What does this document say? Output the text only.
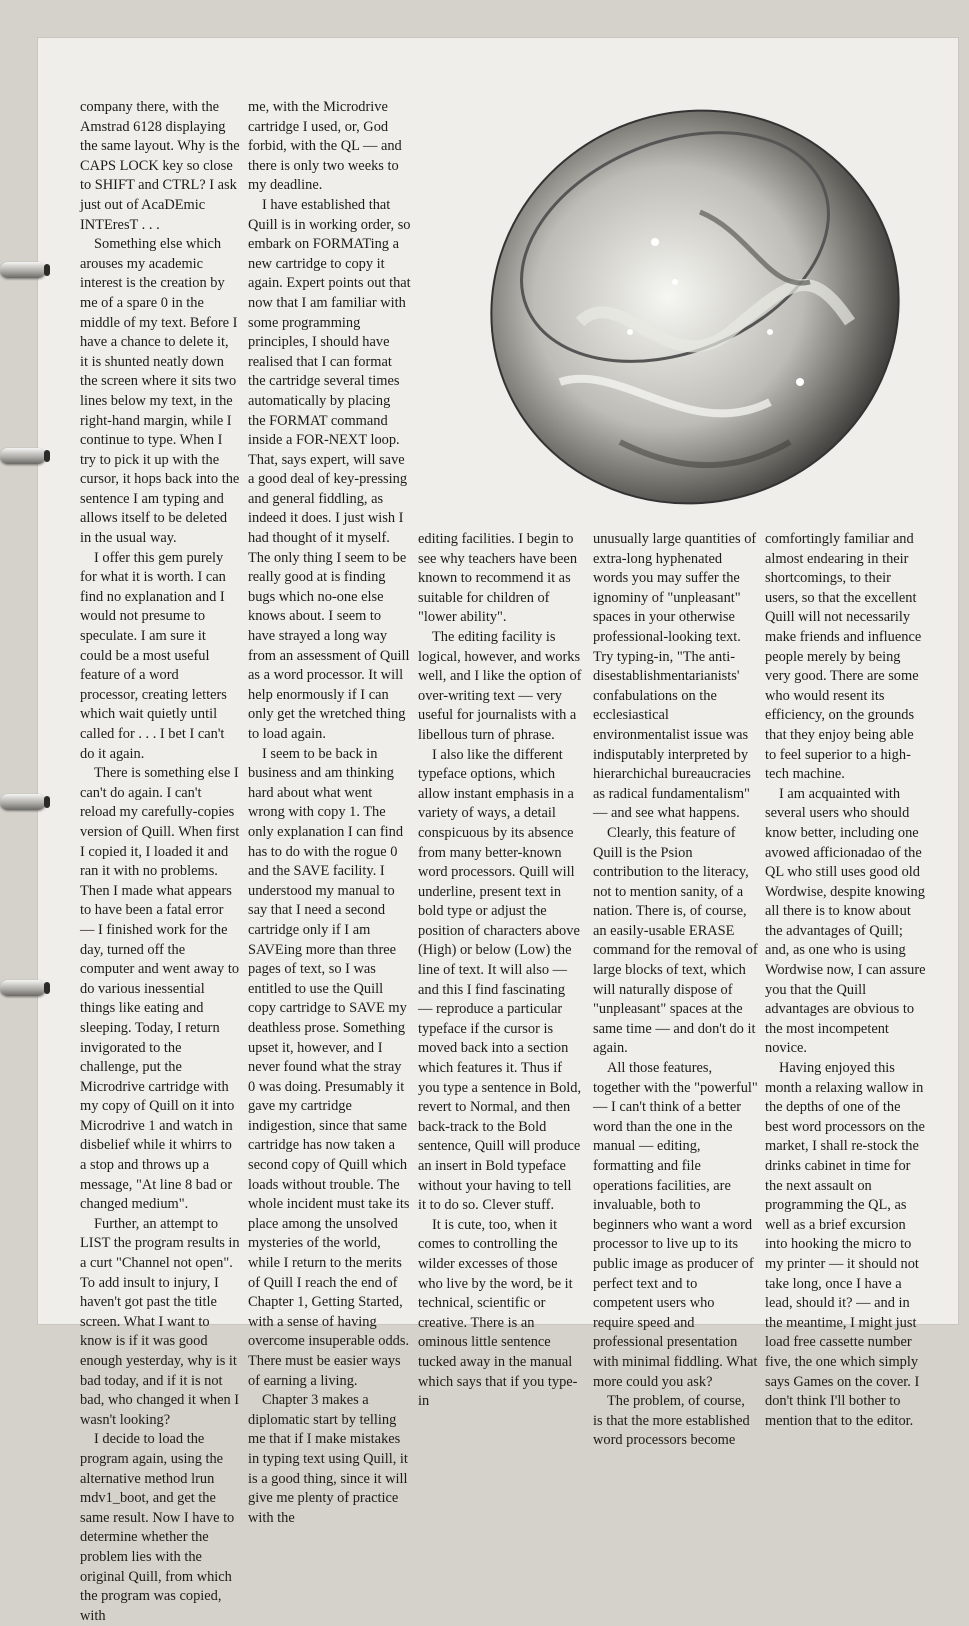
company there, with the Amstrad 6128 displaying the same layout. Why is the CAPS LOCK key so close to SHIFT and CTRL? I ask just out of AcaDEmic INTEresT . . .

Something else which arouses my academic interest is the creation by me of a spare 0 in the middle of my text. Before I have a chance to delete it, it is shunted neatly down the screen where it sits two lines below my text, in the right-hand margin, while I continue to type. When I try to pick it up with the cursor, it hops back into the sentence I am typing and allows itself to be deleted in the usual way.

I offer this gem purely for what it is worth. I can find no explanation and I would not presume to speculate. I am sure it could be a most useful feature of a word processor, creating letters which wait quietly until called for . . . I bet I can't do it again.

There is something else I can't do again. I can't reload my carefully-copies version of Quill. When first I copied it, I loaded it and ran it with no problems. Then I made what appears to have been a fatal error — I finished work for the day, turned off the computer and went away to do various inessential things like eating and sleeping. Today, I return invigorated to the challenge, put the Microdrive cartridge with my copy of Quill on it into Microdrive 1 and watch in disbelief while it whirrs to a stop and throws up a message, "At line 8 bad or changed medium".

Further, an attempt to LIST the program results in a curt "Channel not open". To add insult to injury, I haven't got past the title screen. What I want to know is if it was good enough yesterday, why is it bad today, and if it is not bad, who changed it when I wasn't looking?

I decide to load the program again, using the alternative method lrun mdv1_boot, and get the same result. Now I have to determine whether the problem lies with the original Quill, from which the program was copied, with

me, with the Microdrive cartridge I used, or, God forbid, with the QL — and there is only two weeks to my deadline.

I have established that Quill is in working order, so embark on FORMATing a new cartridge to copy it again. Expert points out that now that I am familiar with some programming principles, I should have realised that I can format the cartridge several times automatically by placing the FORMAT command inside a FOR-NEXT loop. That, says expert, will save a good deal of key-pressing and general fiddling, as indeed it does. I just wish I had thought of it myself. The only thing I seem to be really good at is finding bugs which no-one else knows about. I seem to have strayed a long way from an assessment of Quill as a word processor. It will help enormously if I can only get the wretched thing to load again.

I seem to be back in business and am thinking hard about what went wrong with copy 1. The only explanation I can find has to do with the rogue 0 and the SAVE facility. I understood my manual to say that I need a second cartridge only if I am SAVEing more than three pages of text, so I was entitled to use the Quill copy cartridge to SAVE my deathless prose. Something upset it, however, and I never found what the stray 0 was doing. Presumably it gave my cartridge indigestion, since that same cartridge has now taken a second copy of Quill which loads without trouble. The whole incident must take its place among the unsolved mysteries of the world, while I return to the merits of Quill I reach the end of Chapter 1, Getting Started, with a sense of having overcome insuperable odds. There must be easier ways of earning a living.

Chapter 3 makes a diplomatic start by telling me that if I make mistakes in typing text using Quill, it is a good thing, since it will give me plenty of practice with the

editing facilities. I begin to see why teachers have been known to recommend it as suitable for children of "lower ability".

The editing facility is logical, however, and works well, and I like the option of over-writing text — very useful for journalists with a libellous turn of phrase.

I also like the different typeface options, which allow instant emphasis in a variety of ways, a detail conspicuous by its absence from many better-known word processors. Quill will underline, present text in bold type or adjust the position of characters above (High) or below (Low) the line of text. It will also — and this I find fascinating — reproduce a particular typeface if the cursor is moved back into a section which features it. Thus if you type a sentence in Bold, revert to Normal, and then back-track to the Bold sentence, Quill will produce an insert in Bold typeface without your having to tell it to do so. Clever stuff.

It is cute, too, when it comes to controlling the wilder excesses of those who live by the word, be it technical, scientific or creative. There is an ominous little sentence tucked away in the manual which says that if you type-in

unusually large quantities of extra-long hyphenated words you may suffer the ignominy of "unpleasant" spaces in your otherwise professional-looking text. Try typing-in, "The anti-disestablishmentarianists' confabulations on the ecclesiastical environmentalist issue was indisputably interpreted by hierarchichal bureaucracies as radical fundamentalism" — and see what happens.

Clearly, this feature of Quill is the Psion contribution to the literacy, not to mention sanity, of a nation. There is, of course, an easily-usable ERASE command for the removal of large blocks of text, which will naturally dispose of "unpleasant" spaces at the same time — and don't do it again.

All those features, together with the "powerful" — I can't think of a better word than the one in the manual — editing, formatting and file operations facilities, are invaluable, both to beginners who want a word processor to live up to its public image as producer of perfect text and to competent users who require speed and professional presentation with minimal fiddling. What more could you ask?

The problem, of course, is that the more established word processors become

comfortingly familiar and almost endearing in their shortcomings, to their users, so that the excellent Quill will not necessarily make friends and influence people merely by being very good. There are some who would resent its efficiency, on the grounds that they enjoy being able to feel superior to a high-tech machine.

I am acquainted with several users who should know better, including one avowed afficionadao of the QL who still uses good old Wordwise, despite knowing all there is to know about the advantages of Quill; and, as one who is using Wordwise now, I can assure you that the Quill advantages are obvious to the most incompetent novice.

Having enjoyed this month a relaxing wallow in the depths of one of the best word processors on the market, I shall re-stock the drinks cabinet in time for the next assault on programming the QL, as well as a brief excursion into hooking the micro to my printer — it should not take long, once I have a lead, should it? — and in the meantime, I might just load free cassette number five, the one which simply says Games on the cover. I don't think I'll bother to mention that to the editor.
